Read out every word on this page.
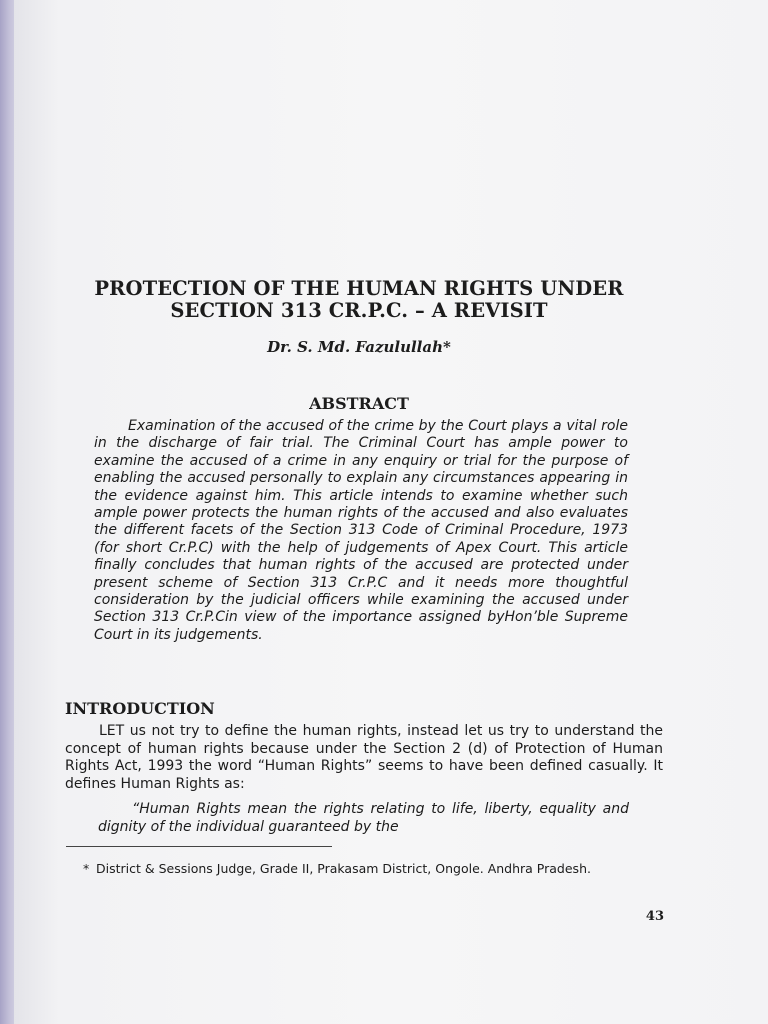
PROTECTION OF THE HUMAN RIGHTS UNDER
SECTION 313 CR.P.C. – A REVISIT
Dr. S. Md. Fazulullah*
ABSTRACT
Examination of the accused of the crime by the Court plays a vital role in the discharge of fair trial. The Criminal Court has ample power to examine the accused of a crime in any enquiry or trial for the purpose of enabling the accused personally to explain any circumstances appearing in the evidence against him. This article intends to examine whether such ample power protects the human rights of the accused and also evaluates the different facets of the Section 313 Code of Criminal Procedure, 1973 (for short Cr.P.C) with the help of judgements of Apex Court. This article finally concludes that human rights of the accused are protected under present scheme of Section 313 Cr.P.C and it needs more thoughtful consideration by the judicial officers while examining the accused under Section 313 Cr.P.Cin view of the importance assigned byHon’ble Supreme Court in its judgements.
INTRODUCTION
LET us not try to define the human rights, instead let us try to understand the concept of human rights because under the Section 2 (d) of Protection of Human Rights Act, 1993 the word “Human Rights” seems to have been defined casually. It defines Human Rights as:
“Human Rights mean the rights relating to life, liberty, equality and dignity of the individual guaranteed by the
* District & Sessions Judge, Grade II, Prakasam District, Ongole. Andhra Pradesh.
43
